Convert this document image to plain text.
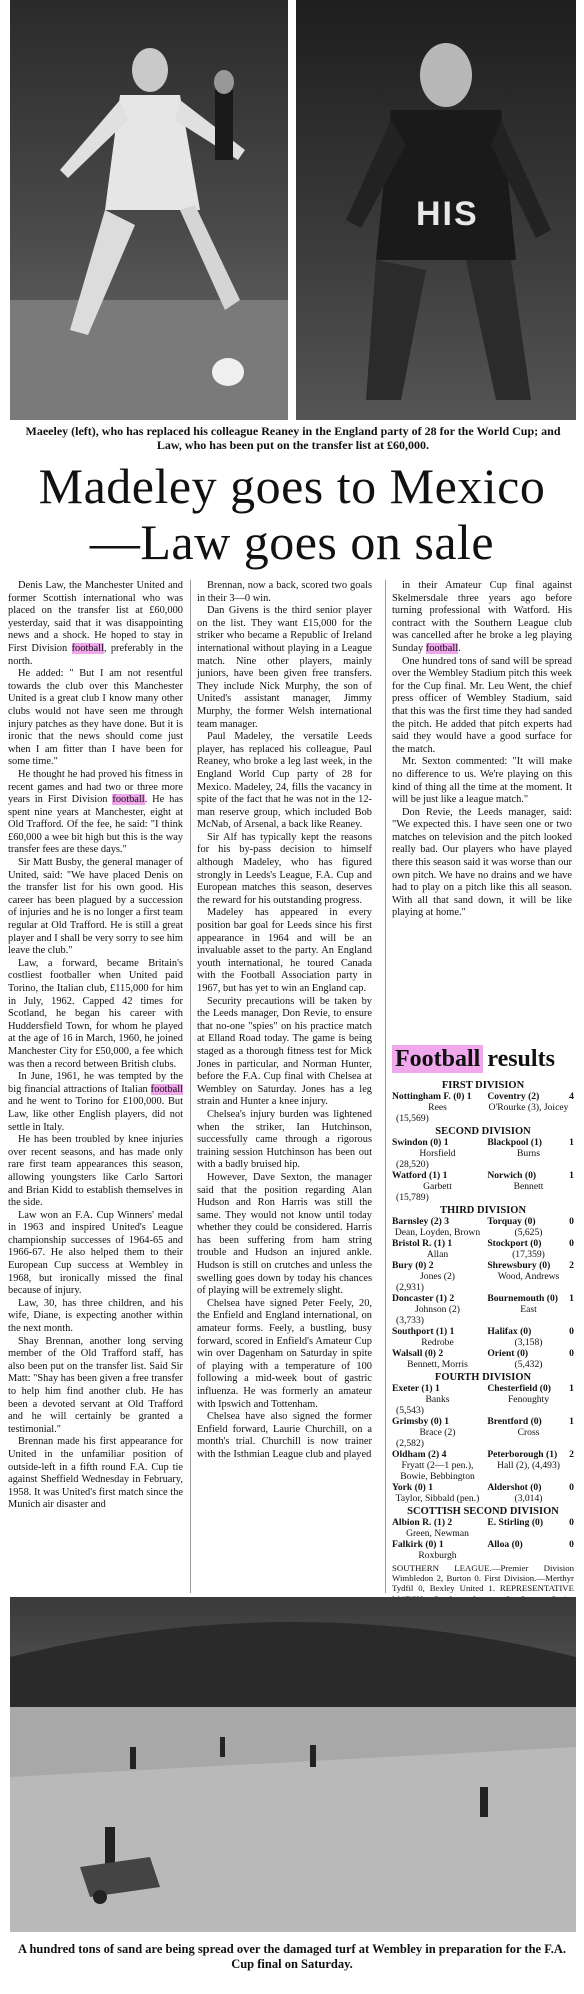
HIS
Maeeley (left), who has replaced his colleague Reaney in the England party of 28 for the World Cup; and Law, who has been put on the transfer list at £60,000.
Madeley goes to Mexico
—Law goes on sale

Denis Law, the Manchester United and former Scottish international who was placed on the transfer list at £60,000 yesterday, said that it was disappointing news and a shock. He hoped to stay in First Division football, preferably in the north.

He added: " But I am not resentful towards the club over this Manchester United is a great club I know many other clubs would not have seen me through injury patches as they have done. But it is ironic that the news should come just when I am fitter than I have been for some time."

He thought he had proved his fitness in recent games and had two or three more years in First Division football. He has spent nine years at Manchester, eight at Old Trafford. Of the fee, he said: "I think £60,000 a wee bit high but this is the way transfer fees are these days."

Sir Matt Busby, the general manager of United, said: "We have placed Denis on the transfer list for his own good. His career has been plagued by a succession of injuries and he is no longer a first team regular at Old Trafford. He is still a great player and I shall be very sorry to see him leave the club."

Law, a forward, became Britain's costliest footballer when United paid Torino, the Italian club, £115,000 for him in July, 1962. Capped 42 times for Scotland, he began his career with Huddersfield Town, for whom he played at the age of 16 in March, 1960, he joined Manchester City for £50,000, a fee which was then a record between British clubs.

In June, 1961, he was tempted by the big financial attractions of Italian football and he went to Torino for £100,000. But Law, like other English players, did not settle in Italy.

He has been troubled by knee injuries over recent seasons, and has made only rare first team appearances this season, allowing youngsters like Carlo Sartori and Brian Kidd to establish themselves in the side.

Law won an F.A. Cup Winners' medal in 1963 and inspired United's League championship successes of 1964-65 and 1966-67. He also helped them to their European Cup success at Wembley in 1968, but ironically missed the final because of injury.

Law, 30, has three children, and his wife, Diane, is expecting another within the next month.

Shay Brennan, another long serving member of the Old Trafford staff, has also been put on the transfer list. Said Sir Matt: "Shay has been given a free transfer to help him find another club. He has been a devoted servant at Old Trafford and he will certainly be granted a testimonial."

Brennan made his first appearance for United in the unfamiliar position of outside-left in a fifth round F.A. Cup tie against Sheffield Wednesday in February, 1958. It was United's first match since the Munich air disaster and

Brennan, now a back, scored two goals in their 3—0 win.

Dan Givens is the third senior player on the list. They want £15,000 for the striker who became a Republic of Ireland international without playing in a League match. Nine other players, mainly juniors, have been given free transfers. They include Nick Murphy, the son of United's assistant manager, Jimmy Murphy, the former Welsh international team manager.

Paul Madeley, the versatile Leeds player, has replaced his colleague, Paul Reaney, who broke a leg last week, in the England World Cup party of 28 for Mexico. Madeley, 24, fills the vacancy in spite of the fact that he was not in the 12-man reserve group, which included Bob McNab, of Arsenal, a back like Reaney.

Sir Alf has typically kept the reasons for his by-pass decision to himself although Madeley, who has figured strongly in Leeds's League, F.A. Cup and European matches this season, deserves the reward for his outstanding progress.

Madeley has appeared in every position bar goal for Leeds since his first appearance in 1964 and will be an invaluable asset to the party. An England youth international, he toured Canada with the Football Association party in 1967, but has yet to win an England cap.

Security precautions will be taken by the Leeds manager, Don Revie, to ensure that no-one "spies" on his practice match at Elland Road today. The game is being staged as a thorough fitness test for Mick Jones in particular, and Norman Hunter, before the F.A. Cup final with Chelsea at Wembley on Saturday. Jones has a leg strain and Hunter a knee injury.

Chelsea's injury burden was lightened when the striker, Ian Hutchinson, successfully came through a rigorous training session Hutchinson has been out with a badly bruised hip.

However, Dave Sexton, the manager said that the position regarding Alan Hudson and Ron Harris was still the same. They would not know until today whether they could be considered. Harris has been suffering from ham string trouble and Hudson an injured ankle. Hudson is still on crutches and unless the swelling goes down by today his chances of playing will be extremely slight.

Chelsea have signed Peter Feely, 20, the Enfield and England international, on amateur forms. Feely, a bustling, busy forward, scored in Enfield's Amateur Cup win over Dagenham on Saturday in spite of playing with a temperature of 100 following a mid-week bout of gastric influenza. He was formerly an amateur with Ipswich and Tottenham.

Chelsea have also signed the former Enfield forward, Laurie Churchill, on a month's trial. Churchill is now trainer with the Isthmian League club and played

in their Amateur Cup final against Skelmersdale three years ago before turning professional with Watford. His contract with the Southern League club was cancelled after he broke a leg playing Sunday football.

One hundred tons of sand will be spread over the Wembley Stadium pitch this week for the Cup final. Mr. Leu Went, the chief press officer of Wembley Stadium, said that this was the first time they had sanded the pitch. He added that pitch experts had said they would have a good surface for the match.

Mr. Sexton commented: "It will make no difference to us. We're playing on this kind of thing all the time at the moment. It will be just like a league match."

Don Revie, the Leeds manager, said: "We expected this. I have seen one or two matches on television and the pitch looked really bad. Our players who have played there this season said it was worse than our own pitch. We have no drains and we have had to play on a pitch like this all season. With all that sand down, it will be like playing at home."

Football results
FIRST DIVISION
Nottingham F. (0) 1 Coventry (2)	4
Rees	O'Rourke (3), Joicey
(15,569)
SECOND DIVISION
Swindon (0) 1	Blackpool (1)	1
Horsfield	Burns
(28,520)
Watford (1) 1	Norwich (0)	1
Garbett	Bennett
(15,789)
THIRD DIVISION
Barnsley (2) 3	Torquay (0)	0
Dean, Loyden, Brown	(5,625)
Bristol R. (1) 1	Stockport (0)	0
Allan	(17,359)
Bury (0) 2	Shrewsbury (0)	2
Jones (2)	Wood, Andrews
(2,931)
Doncaster (1) 2	Bournemouth (0)	1
Johnson (2)	East
(3,733)
Southport (1) 1	Halifax (0)	0
Redrobe	(3,158)
Walsall (0) 2	Orient (0)	0
Bennett, Morris	(5,432)
FOURTH DIVISION
Exeter (1) 1	Chesterfield (0)	1
Banks	Fenoughty
(5,543)
Grimsby (0) 1	Brentford (0)	1
Brace (2)	Cross
(2,582)
Oldham (2) 4	Peterborough (1)	2
Fryatt (2—1 pen.), Bowie, Bebbington
Hall (2), (4,493)
York (0) 1	Aldershot (0)	0
Taylor, Sibbald (pen.)	(3,014)
SCOTTISH SECOND DIVISION
Albion R. (1) 2	E. Stirling (0)	0
Green, Newman
Falkirk (0) 1	Alloa (0)	0
Roxburgh
SOUTHERN LEAGUE.—Premier Division Wimbledon 2, Burton 0. First Division.—Merthyr Tydfil 0, Bexley United 1. REPRESENTATIVE
A hundred tons of sand are being spread over the damaged turf at Wembley in preparation for the F.A. Cup final on Saturday.
